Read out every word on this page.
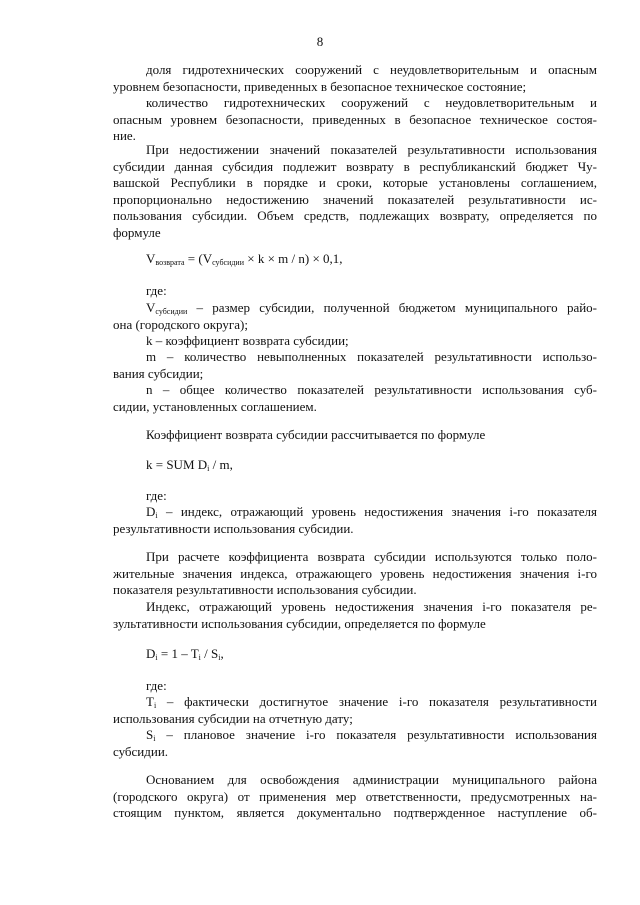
8
доля гидротехнических сооружений с неудовлетворительным и опасным
уровнем безопасности, приведенных в безопасное техническое состояние;
количество гидротехнических сооружений с неудовлетворительным и
опасным уровнем безопасности, приведенных в безопасное техническое состоя-
ние.
При недостижении значений показателей результативности использования
субсидии данная субсидия подлежит возврату в республиканский бюджет Чу-
вашской Республики в порядке и сроки, которые установлены соглашением,
пропорционально недостижению значений показателей результативности ис-
пользования субсидии. Объем средств, подлежащих возврату, определяется по
формуле
$V_{возврата} = (V_{субсидии} \times k \times m / n) \times 0,1$,
где:
$V_{субсидии}$ – размер субсидии, полученной бюджетом муниципального райо-
она (городского округа);
k – коэффициент возврата субсидии;
m – количество невыполненных показателей результативности использо-
вания субсидии;
n – общее количество показателей результативности использования суб-
сидии, установленных соглашением.
Коэффициент возврата субсидии рассчитывается по формуле
k = SUM $D_i$ / m,
где:
$D_i$ – индекс, отражающий уровень недостижения значения i-го показателя
результативности использования субсидии.
При расчете коэффициента возврата субсидии используются только поло-
жительные значения индекса, отражающего уровень недостижения значения i-го
показателя результативности использования субсидии.
Индекс, отражающий уровень недостижения значения i-го показателя ре-
зультативности использования субсидии, определяется по формуле
$D_i = 1 - T_i / S_i$,
где:
$T_i$ – фактически достигнутое значение i-го показателя результативности
использования субсидии на отчетную дату;
$S_i$ – плановое значение i-го показателя результативности использования
субсидии.
Основанием для освобождения администрации муниципального района
(городского округа) от применения мер ответственности, предусмотренных на-
стоящим пунктом, является документально подтвержденное наступление об-
